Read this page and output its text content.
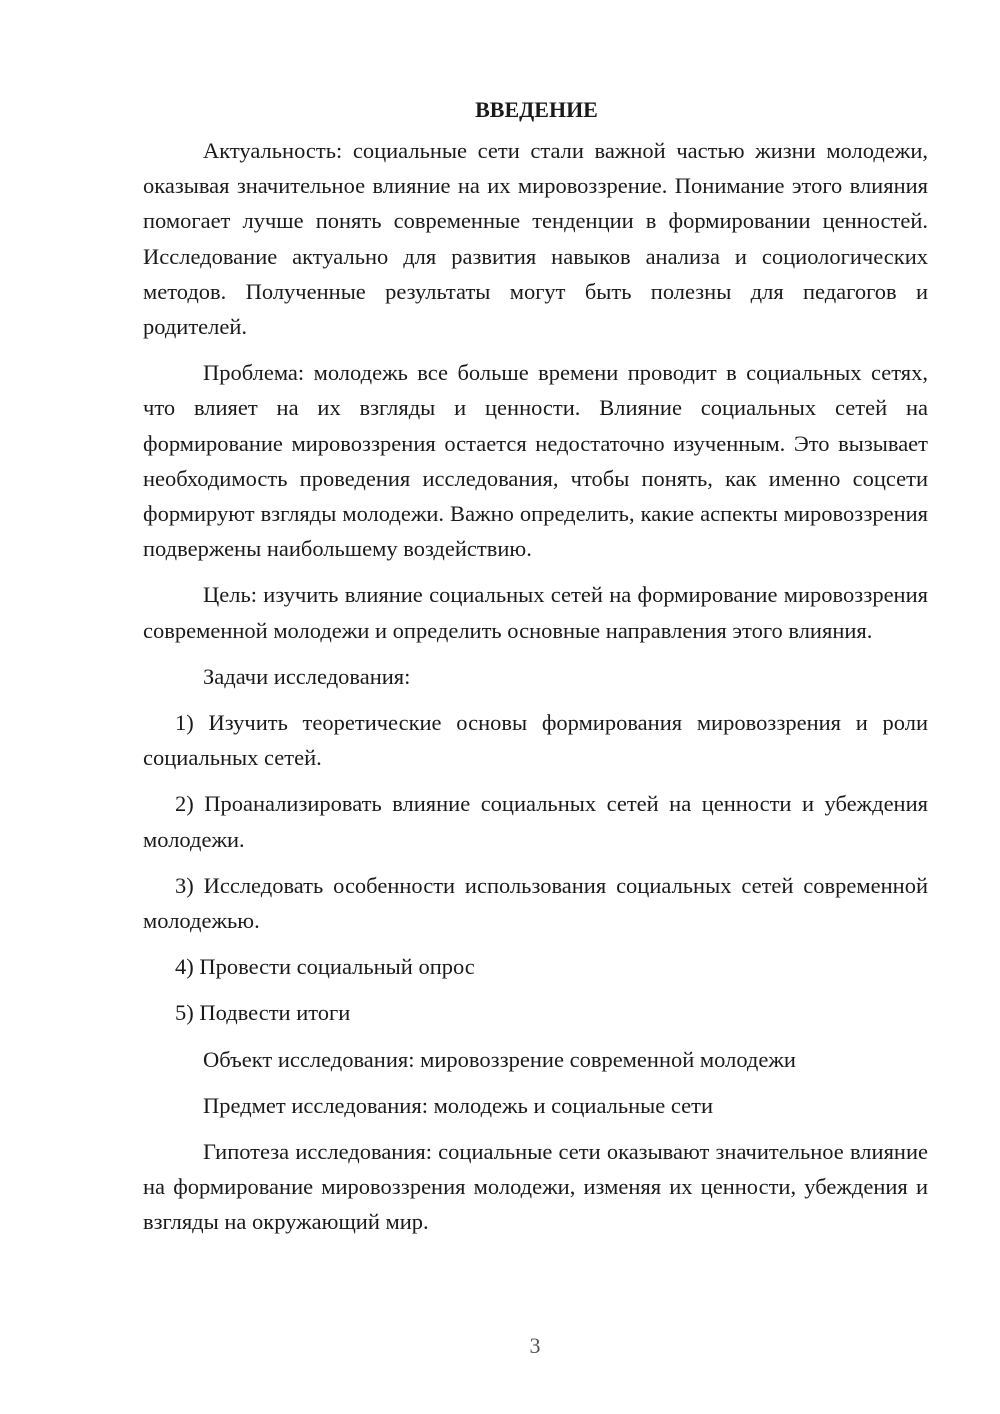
ВВЕДЕНИЕ

Актуальность: социальные сети стали важной частью жизни молодежи, оказывая значительное влияние на их мировоззрение. Понимание этого влияния помогает лучше понять современные тенденции в формировании ценностей. Исследование актуально для развития навыков анализа и социологических методов. Полученные результаты могут быть полезны для педагогов и родителей.

Проблема: молодежь все больше времени проводит в социальных сетях, что влияет на их взгляды и ценности. Влияние социальных сетей на формирование мировоззрения остается недостаточно изученным. Это вызывает необходимость проведения исследования, чтобы понять, как именно соцсети формируют взгляды молодежи. Важно определить, какие аспекты мировоззрения подвержены наибольшему воздействию.

Цель: изучить влияние социальных сетей на формирование мировоззрения современной молодежи и определить основные направления этого влияния.

Задачи исследования:

1) Изучить теоретические основы формирования мировоззрения и роли социальных сетей.

2) Проанализировать влияние социальных сетей на ценности и убеждения молодежи.

3) Исследовать особенности использования социальных сетей современной молодежью.

4) Провести социальный опрос

5) Подвести итоги

Объект исследования: мировоззрение современной молодежи

Предмет исследования: молодежь и социальные сети

Гипотеза исследования: социальные сети оказывают значительное влияние на формирование мировоззрения молодежи, изменяя их ценности, убеждения и взгляды на окружающий мир.

3
